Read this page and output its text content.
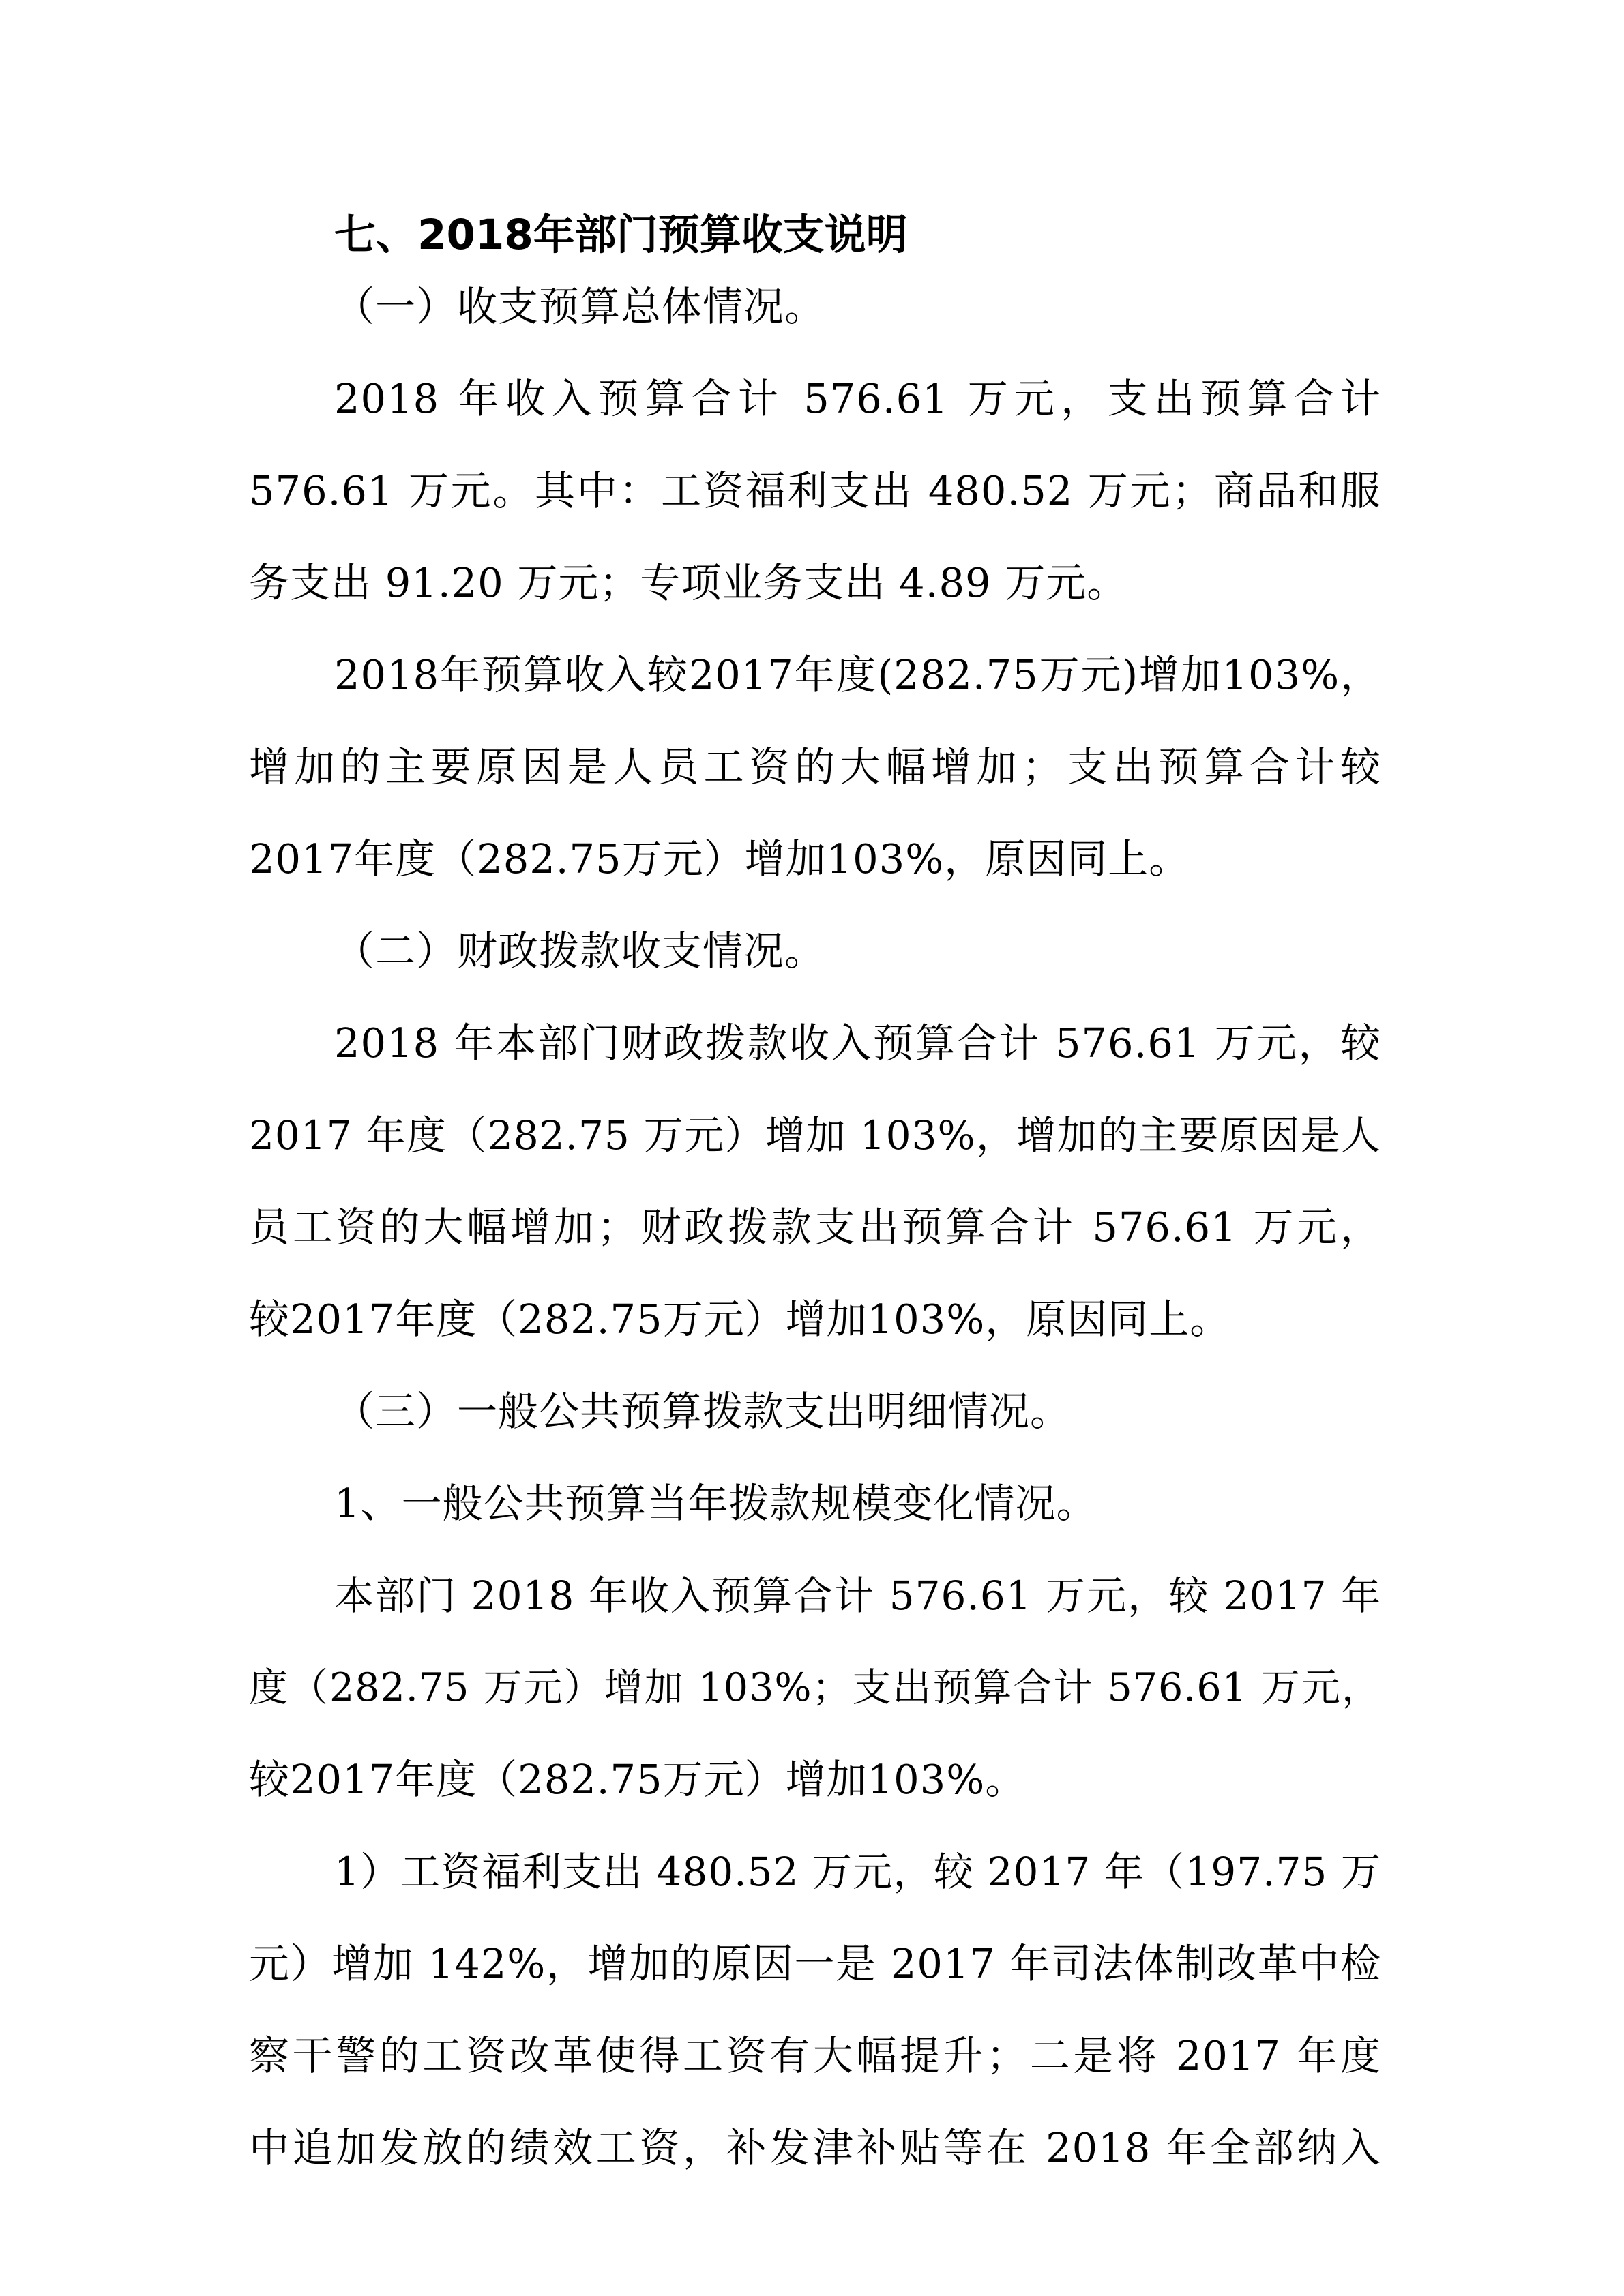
七、2018年部门预算收支说明
（一）收支预算总体情况。
2018 年收入预算合计 576.61 万元，支出预算合计
576.61 万元。其中：工资福利支出 480.52 万元；商品和服
务支出 91.20 万元；专项业务支出 4.89 万元。
2018年预算收入较2017年度(282.75万元)增加103%，
增加的主要原因是人员工资的大幅增加；支出预算合计较
2017年度（282.75万元）增加103%，原因同上。
（二）财政拨款收支情况。
2018 年本部门财政拨款收入预算合计 576.61 万元，较
2017 年度（282.75 万元）增加 103%，增加的主要原因是人
员工资的大幅增加；财政拨款支出预算合计 576.61 万元，
较2017年度（282.75万元）增加103%，原因同上。
（三）一般公共预算拨款支出明细情况。
1、一般公共预算当年拨款规模变化情况。
本部门 2018 年收入预算合计 576.61 万元，较 2017 年
度（282.75 万元）增加 103%；支出预算合计 576.61 万元，
较2017年度（282.75万元）增加103%。
1）工资福利支出 480.52 万元，较 2017 年（197.75 万
元）增加 142%，增加的原因一是 2017 年司法体制改革中检
察干警的工资改革使得工资有大幅提升；二是将 2017 年度
中追加发放的绩效工资，补发津补贴等在 2018 年全部纳入
